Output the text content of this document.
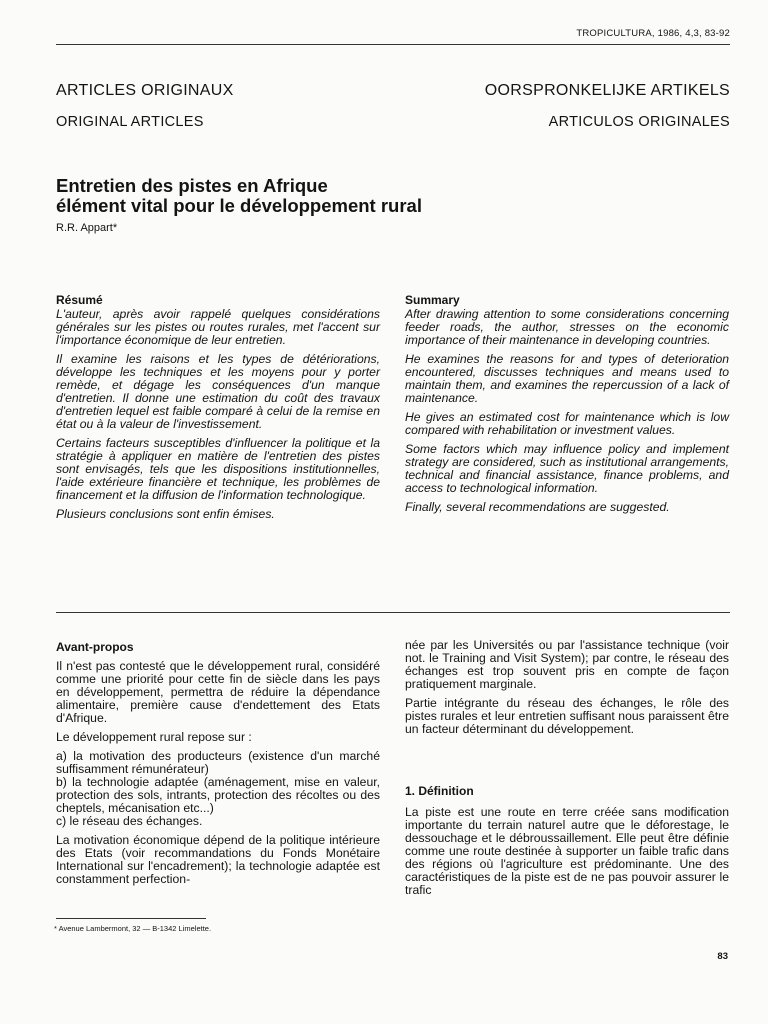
TROPICULTURA, 1986, 4,3, 83-92
ARTICLES ORIGINAUX
ORIGINAL ARTICLES
OORSPRONKELIJKE ARTIKELS
ARTICULOS ORIGINALES
Entretien des pistes en Afrique
élément vital pour le développement rural
R.R. Appart*
Résumé

L'auteur, après avoir rappelé quelques considérations générales sur les pistes ou routes rurales, met l'accent sur l'importance économique de leur entretien.

Il examine les raisons et les types de détériorations, développe les techniques et les moyens pour y porter remède, et dégage les conséquences d'un manque d'entretien. Il donne une estimation du coût des travaux d'entretien lequel est faible comparé à celui de la remise en état ou à la valeur de l'investissement.

Certains facteurs susceptibles d'influencer la politique et la stratégie à appliquer en matière de l'entretien des pistes sont envisagés, tels que les dispositions institutionnelles, l'aide extérieure financière et technique, les problèmes de financement et la diffusion de l'information technologique.

Plusieurs conclusions sont enfin émises.

Summary

After drawing attention to some considerations concerning feeder roads, the author, stresses on the economic importance of their maintenance in developing countries.

He examines the reasons for and types of deterioration encountered, discusses techniques and means used to maintain them, and examines the repercussion of a lack of maintenance.

He gives an estimated cost for maintenance which is low compared with rehabilitation or investment values.

Some factors which may influence policy and implement strategy are considered, such as institutional arrangements, technical and financial assistance, finance problems, and access to technological information.

Finally, several recommendations are suggested.

Avant-propos

Il n'est pas contesté que le développement rural, considéré comme une priorité pour cette fin de siècle dans les pays en développement, permettra de réduire la dépendance alimentaire, première cause d'endettement des Etats d'Afrique.

Le développement rural repose sur :

a) la motivation des producteurs (existence d'un marché suffisamment rémunérateur)
b) la technologie adaptée (aménagement, mise en valeur, protection des sols, intrants, protection des récoltes ou des cheptels, mécanisation etc...)
c) le réseau des échanges.

La motivation économique dépend de la politique intérieure des Etats (voir recommandations du Fonds Monétaire International sur l'encadrement); la technologie adaptée est constamment perfection-

née par les Universités ou par l'assistance technique (voir not. le Training and Visit System); par contre, le réseau des échanges est trop souvent pris en compte de façon pratiquement marginale.

Partie intégrante du réseau des échanges, le rôle des pistes rurales et leur entretien suffisant nous paraissent être un facteur déterminant du développement.

1. Définition

La piste est une route en terre créée sans modification importante du terrain naturel autre que le déforestage, le dessouchage et le débroussaillement. Elle peut être définie comme une route destinée à supporter un faible trafic dans des régions où l'agriculture est prédominante. Une des caractéristiques de la piste est de ne pas pouvoir assurer le trafic

* Avenue Lambermont, 32 — B-1342 Limelette.
83
